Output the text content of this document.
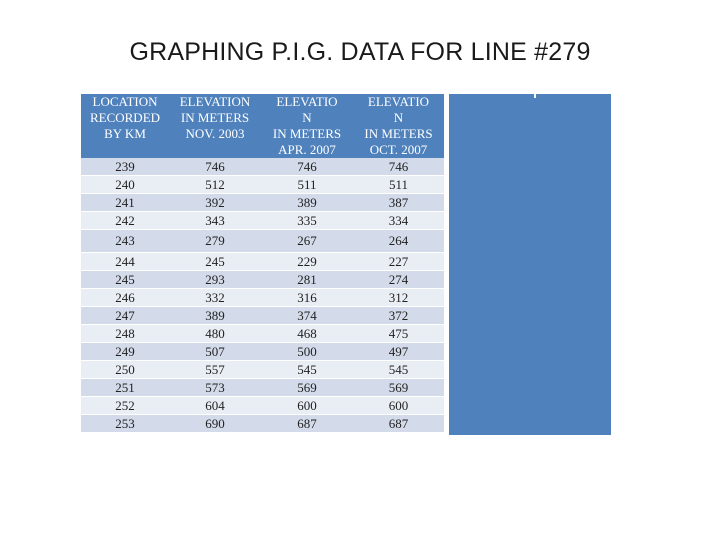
GRAPHING P.I.G. DATA FOR LINE #279
LOCATION
RECORDED
BY KM	ELEVATION
IN METERS
NOV. 2003	ELEVATIO
N
IN METERS
APR. 2007	ELEVATIO
N
IN METERS
OCT. 2007

239	746	746	746
240	512	511	511
241	392	389	387
242	343	335	334
243	279	267	264
244	245	229	227
245	293	281	274
246	332	316	312
247	389	374	372
248	480	468	475
249	507	500	497
250	557	545	545
251	573	569	569
252	604	600	600
253	690	687	687
